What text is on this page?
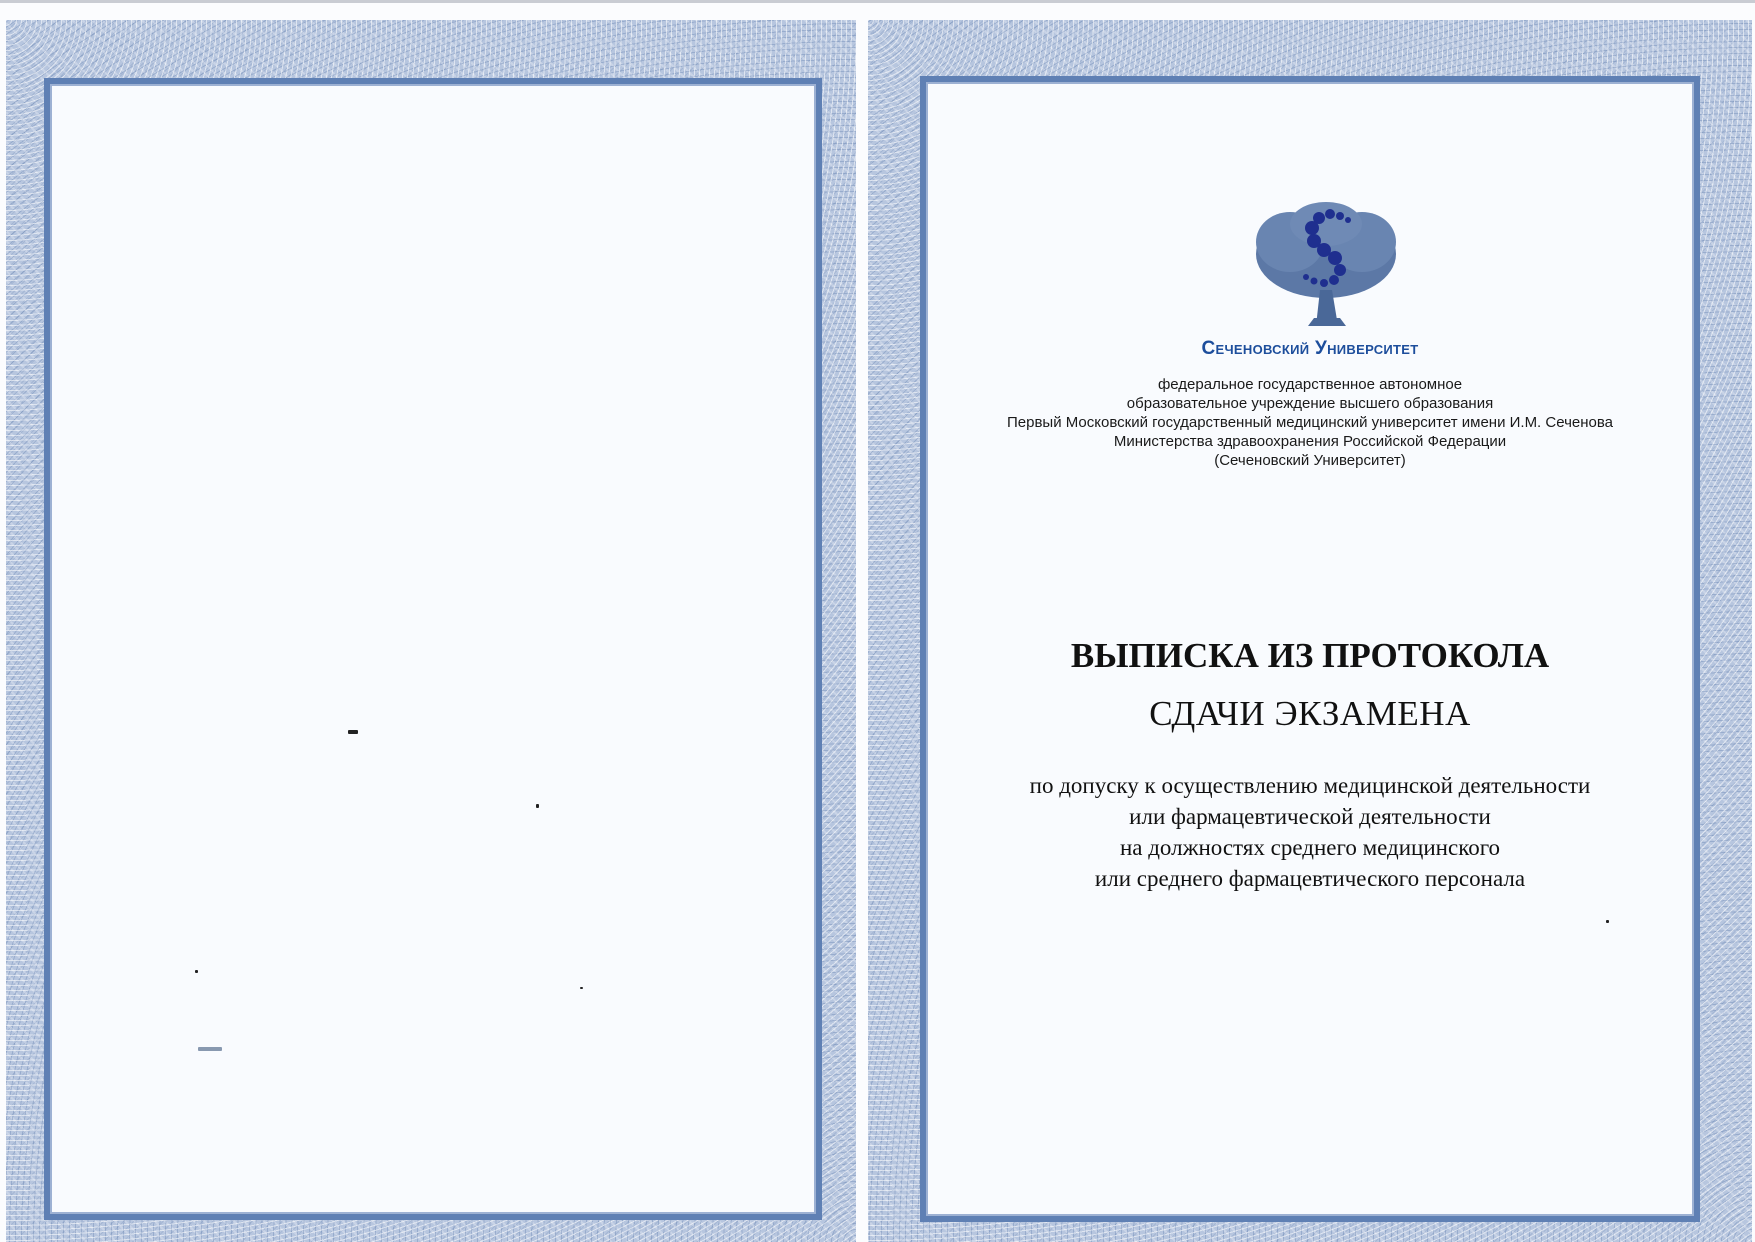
Сеченовский Университет
федеральное государственное автономное
образовательное учреждение высшего образования
Первый Московский государственный медицинский университет имени И.М. Сеченова
Министерства здравоохранения Российской Федерации
(Сеченовский Университет)
ВЫПИСКА ИЗ ПРОТОКОЛА
СДАЧИ ЭКЗАМЕНА
по допуску к осуществлению медицинской деятельности
или фармацевтической деятельности
на должностях среднего медицинского
или среднего фармацевтического персонала
